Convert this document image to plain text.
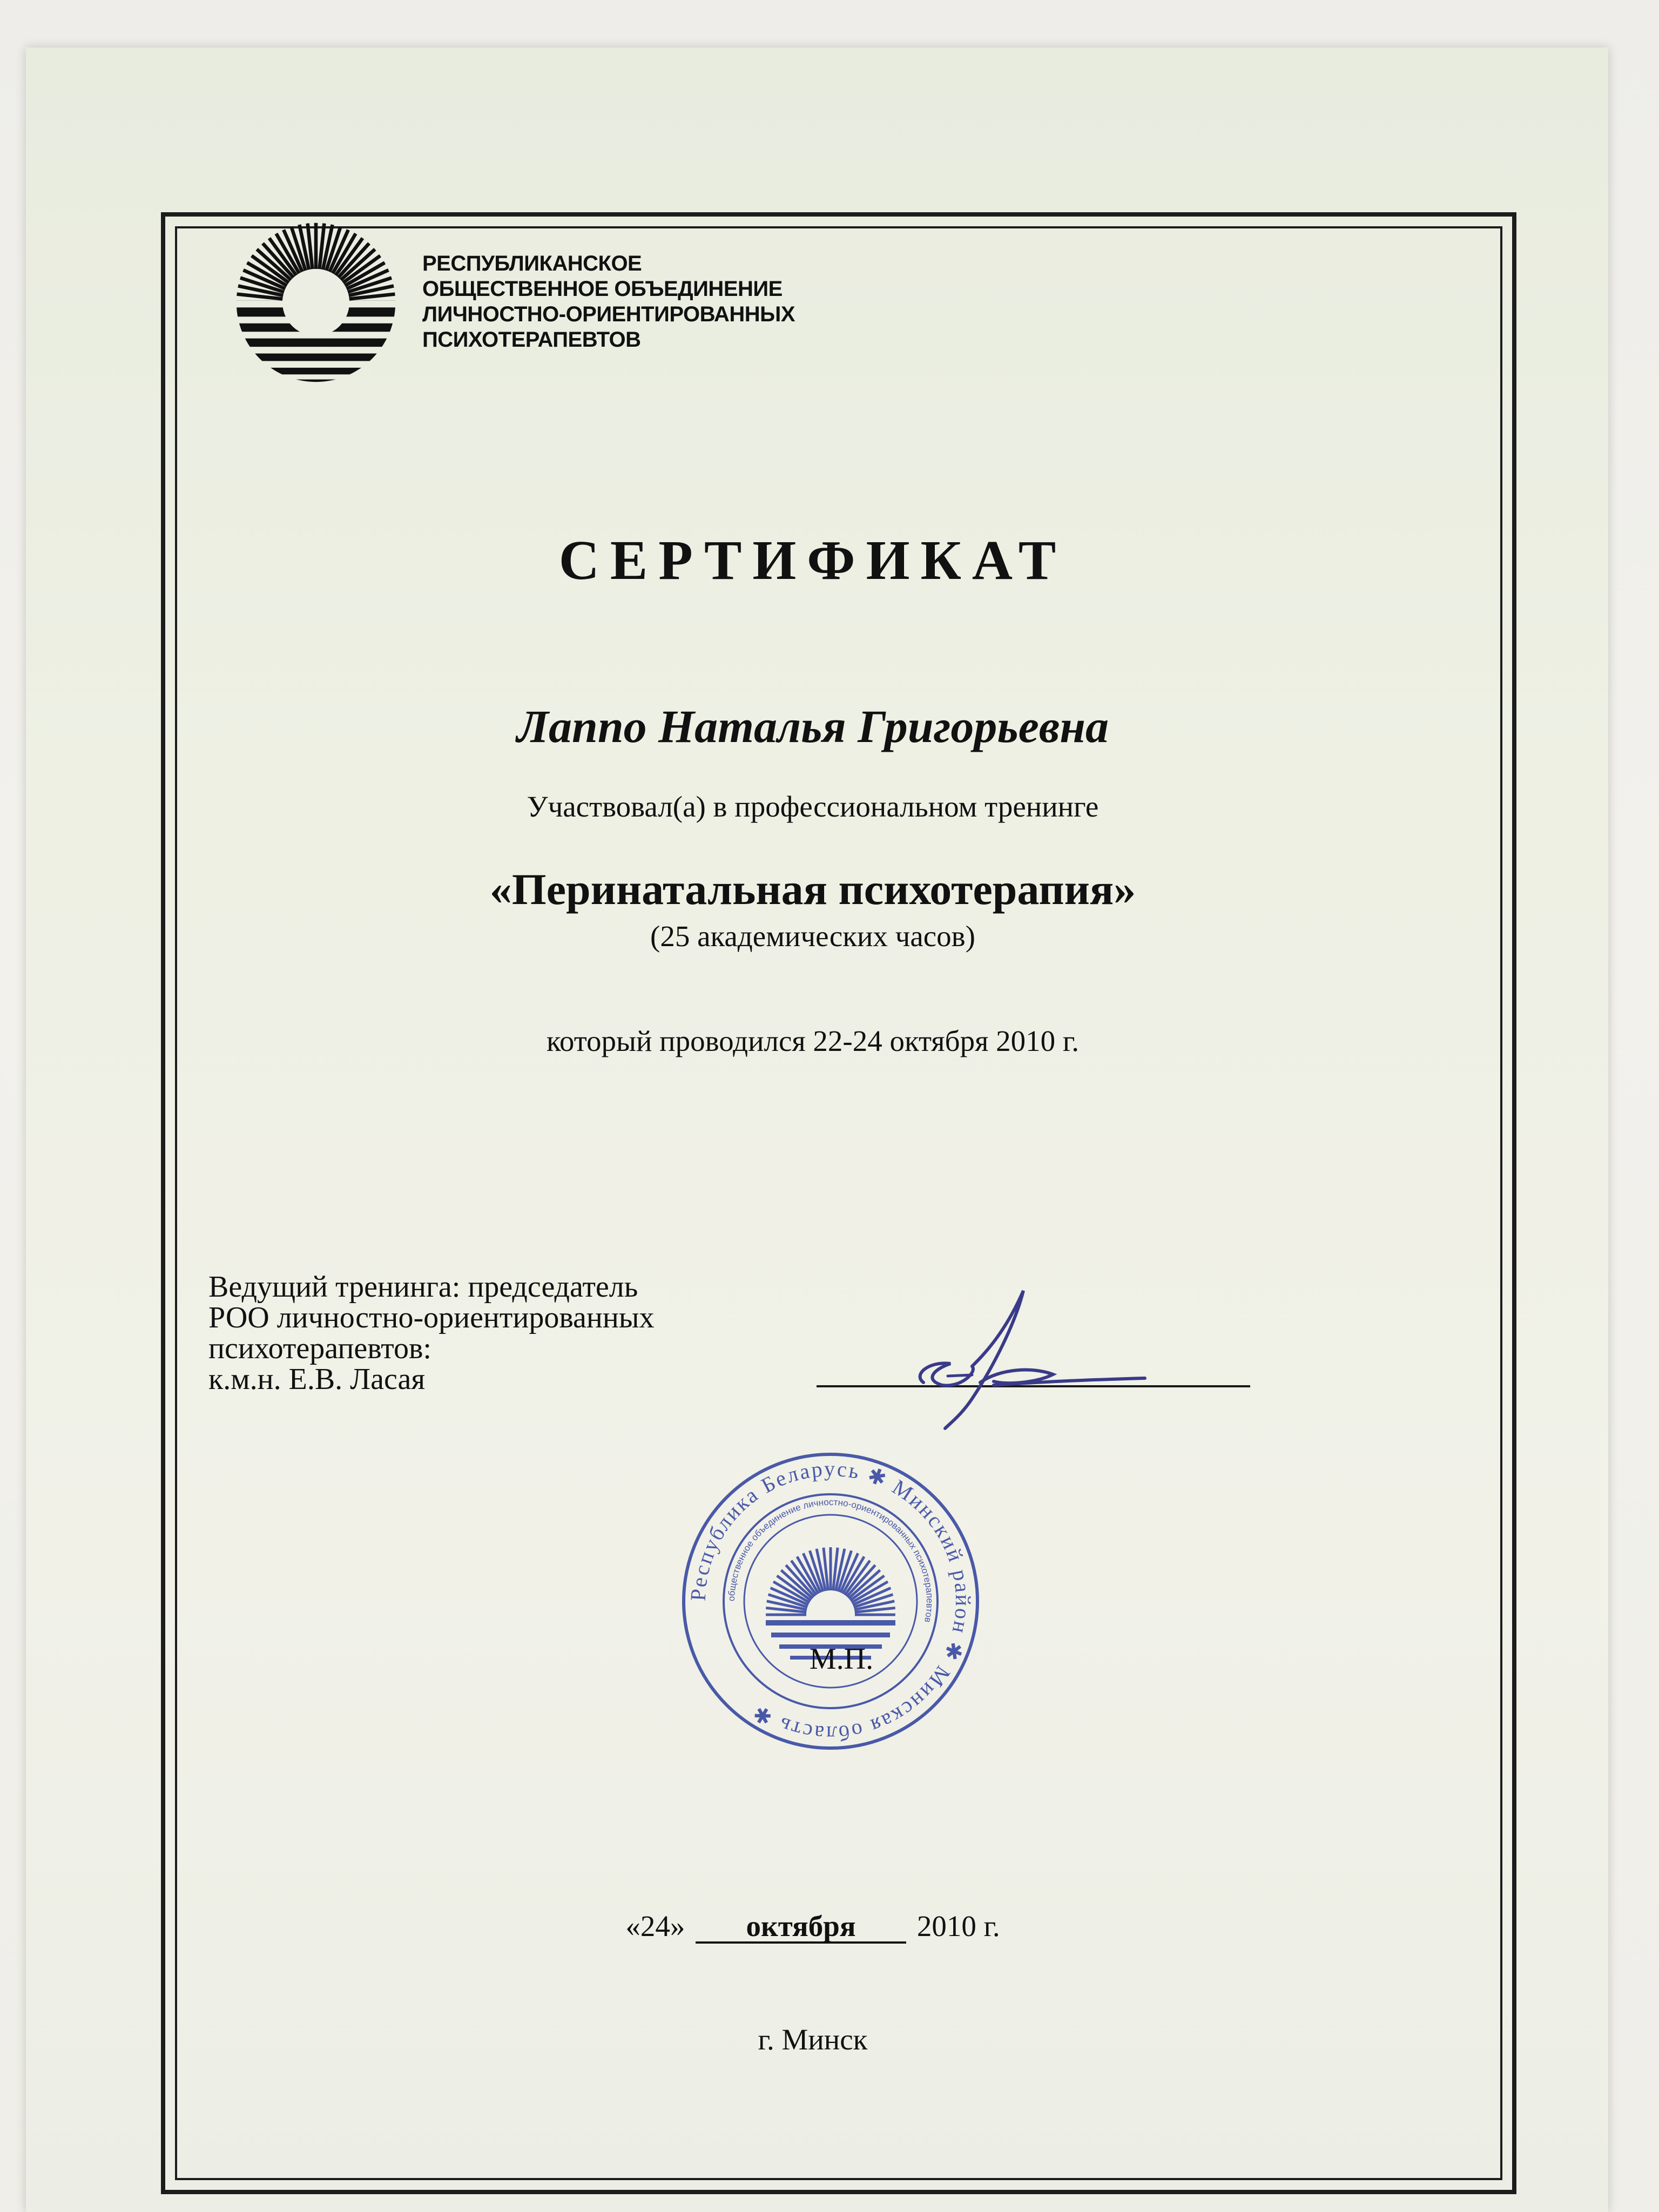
РЕСПУБЛИКАНСКОЕ
ОБЩЕСТВЕННОЕ ОБЪЕДИНЕНИЕ
ЛИЧНОСТНО-ОРИЕНТИРОВАННЫХ
ПСИХОТЕРАПЕВТОВ
СЕРТИФИКАТ
Лаппо Наталья Григорьевна
Участвовал(а) в профессиональном тренинге
«Перинатальная психотерапия»
(25 академических часов)
который проводился 22-24 октября 2010 г.
Ведущий тренинга: председатель
РОО личностно-ориентированных
психотерапевтов:
к.м.н. Е.В. Ласая
Республика Беларусь ✱ Минский район ✱ Минская область ✱
общественное объединение личностно-ориентированных психотерапевтов
М.П.
«24» октября 2010 г.
г. Минск
